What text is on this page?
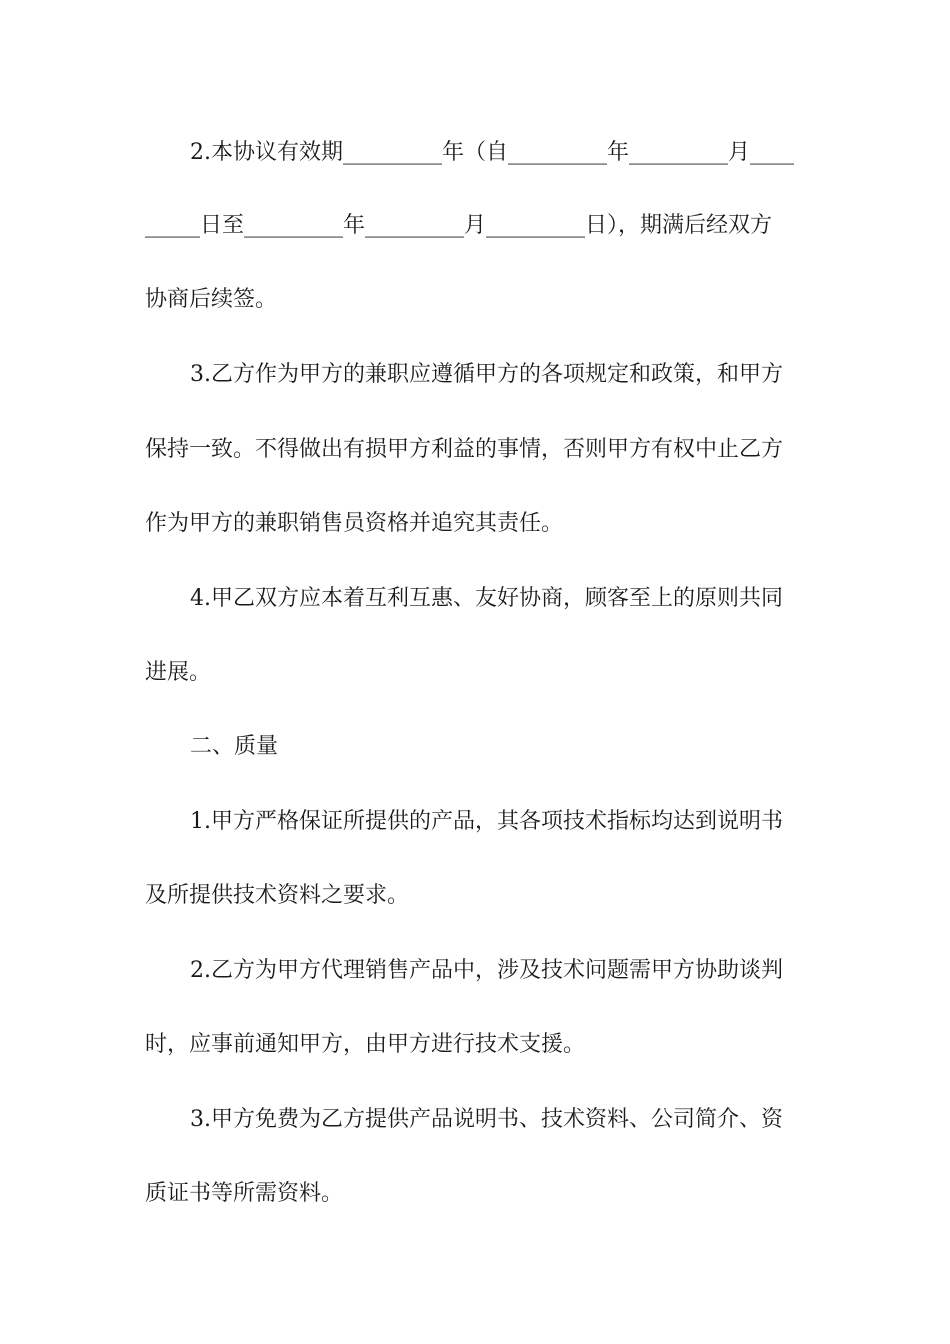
2.本协议有效期_________年（自_________年_________月____
_____日至_________年_________月_________日），期满后经双方
协商后续签。
3.乙方作为甲方的兼职应遵循甲方的各项规定和政策，和甲方
保持一致。不得做出有损甲方利益的事情，否则甲方有权中止乙方
作为甲方的兼职销售员资格并追究其责任。
4.甲乙双方应本着互利互惠、友好协商，顾客至上的原则共同
进展。
二、质量
1.甲方严格保证所提供的产品，其各项技术指标均达到说明书
及所提供技术资料之要求。
2.乙方为甲方代理销售产品中，涉及技术问题需甲方协助谈判
时，应事前通知甲方，由甲方进行技术支援。
3.甲方免费为乙方提供产品说明书、技术资料、公司简介、资
质证书等所需资料。
